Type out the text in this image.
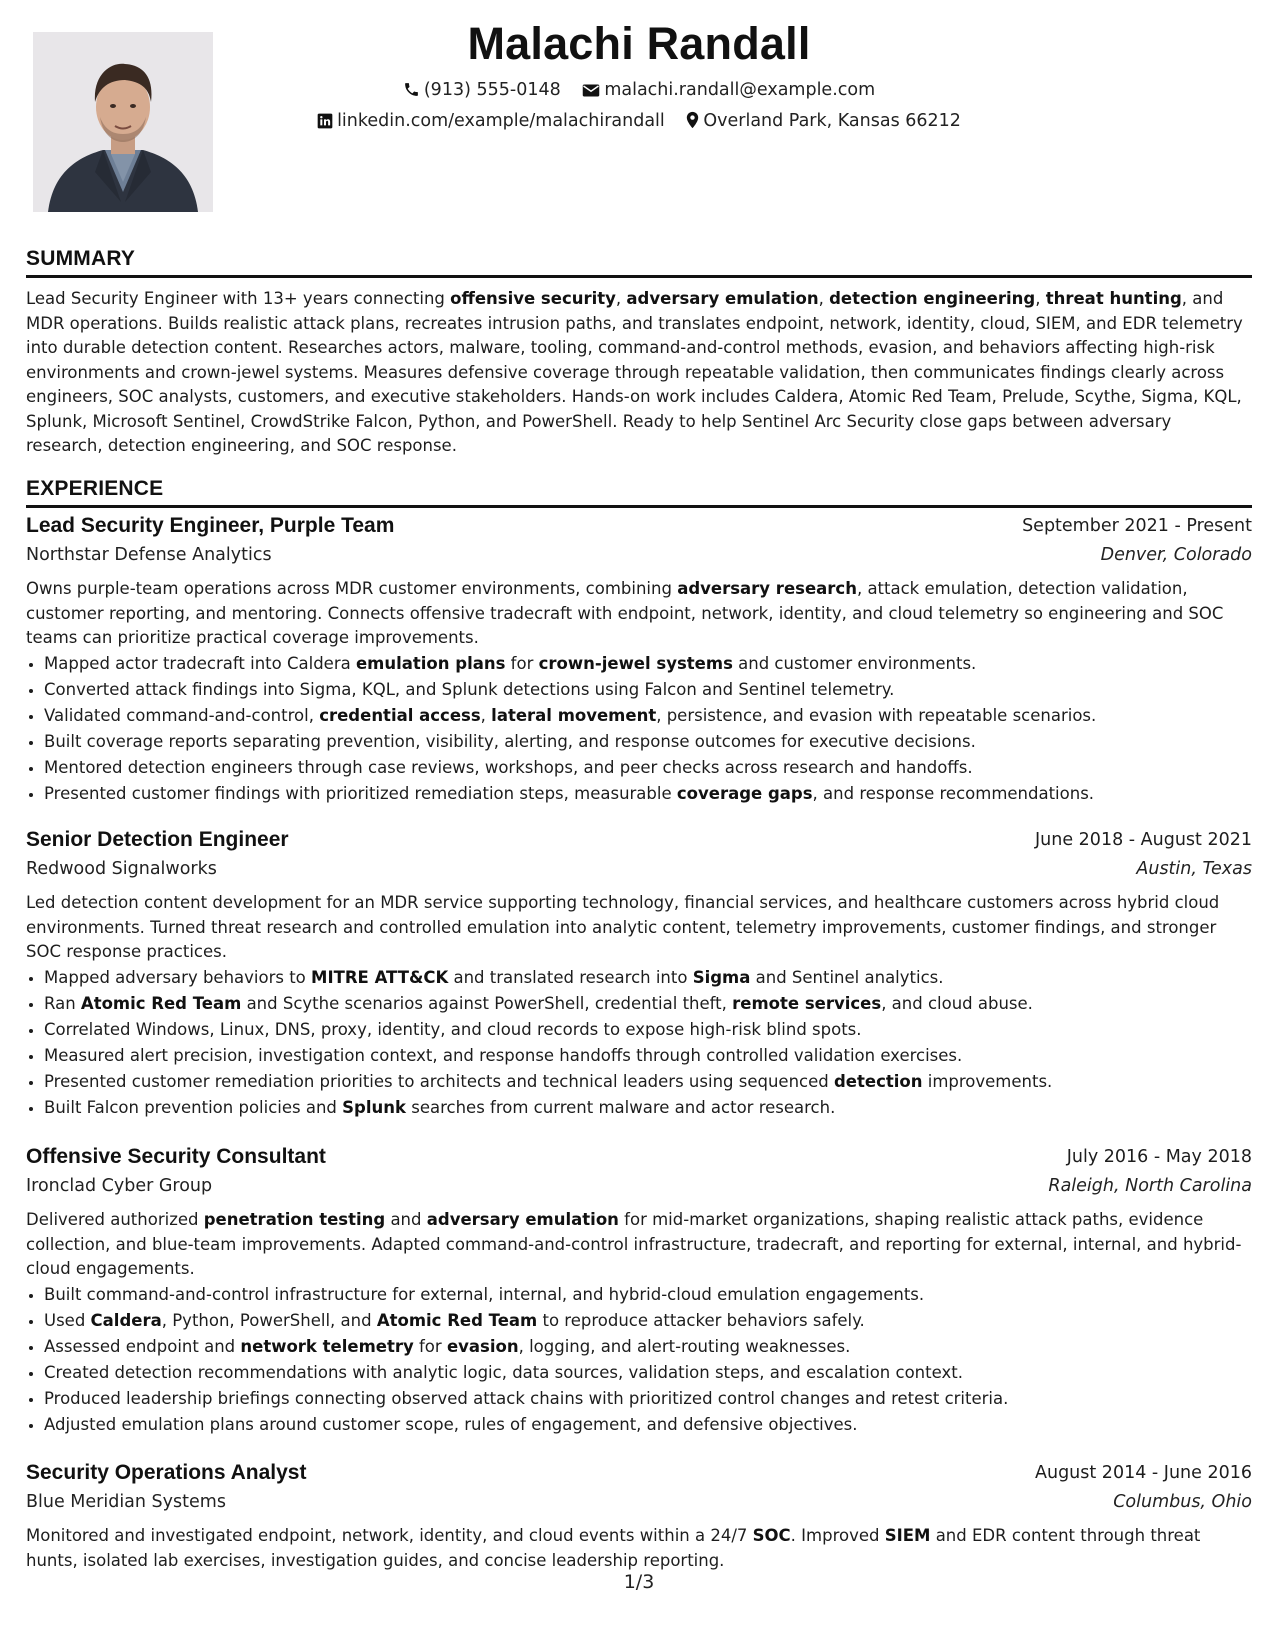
Malachi Randall
(913) 555-0148 malachi.randall@example.com
linkedin.com/example/malachirandall Overland Park, Kansas 66212
SUMMARY

Lead Security Engineer with 13+ years connecting offensive security, adversary emulation, detection engineering, threat hunting, and MDR operations. Builds realistic attack plans, recreates intrusion paths, and translates endpoint, network, identity, cloud, SIEM, and EDR telemetry into durable detection content. Researches actors, malware, tooling, command-and-control methods, evasion, and behaviors affecting high-risk environments and crown-jewel systems. Measures defensive coverage through repeatable validation, then communicates findings clearly across engineers, SOC analysts, customers, and executive stakeholders. Hands-on work includes Caldera, Atomic Red Team, Prelude, Scythe, Sigma, KQL, Splunk, Microsoft Sentinel, CrowdStrike Falcon, Python, and PowerShell. Ready to help Sentinel Arc Security close gaps between adversary research, detection engineering, and SOC response.

EXPERIENCE
Lead Security Engineer, Purple Team	September 2021 - Present
Northstar Defense Analytics	Denver, Colorado

Owns purple-team operations across MDR customer environments, combining adversary research, attack emulation, detection validation, customer reporting, and mentoring. Connects offensive tradecraft with endpoint, network, identity, and cloud telemetry so engineering and SOC teams can prioritize practical coverage improvements.

• Mapped actor tradecraft into Caldera emulation plans for crown-jewel systems and customer environments.
• Converted attack findings into Sigma, KQL, and Splunk detections using Falcon and Sentinel telemetry.
• Validated command-and-control, credential access, lateral movement, persistence, and evasion with repeatable scenarios.
• Built coverage reports separating prevention, visibility, alerting, and response outcomes for executive decisions.
• Mentored detection engineers through case reviews, workshops, and peer checks across research and handoffs.
• Presented customer findings with prioritized remediation steps, measurable coverage gaps, and response recommendations.
Senior Detection Engineer	June 2018 - August 2021
Redwood Signalworks	Austin, Texas

Led detection content development for an MDR service supporting technology, financial services, and healthcare customers across hybrid cloud environments. Turned threat research and controlled emulation into analytic content, telemetry improvements, customer findings, and stronger SOC response practices.

• Mapped adversary behaviors to MITRE ATT&CK and translated research into Sigma and Sentinel analytics.
• Ran Atomic Red Team and Scythe scenarios against PowerShell, credential theft, remote services, and cloud abuse.
• Correlated Windows, Linux, DNS, proxy, identity, and cloud records to expose high-risk blind spots.
• Measured alert precision, investigation context, and response handoffs through controlled validation exercises.
• Presented customer remediation priorities to architects and technical leaders using sequenced detection improvements.
• Built Falcon prevention policies and Splunk searches from current malware and actor research.
Offensive Security Consultant	July 2016 - May 2018
Ironclad Cyber Group	Raleigh, North Carolina

Delivered authorized penetration testing and adversary emulation for mid-market organizations, shaping realistic attack paths, evidence collection, and blue-team improvements. Adapted command-and-control infrastructure, tradecraft, and reporting for external, internal, and hybrid-cloud engagements.

• Built command-and-control infrastructure for external, internal, and hybrid-cloud emulation engagements.
• Used Caldera, Python, PowerShell, and Atomic Red Team to reproduce attacker behaviors safely.
• Assessed endpoint and network telemetry for evasion, logging, and alert-routing weaknesses.
• Created detection recommendations with analytic logic, data sources, validation steps, and escalation context.
• Produced leadership briefings connecting observed attack chains with prioritized control changes and retest criteria.
• Adjusted emulation plans around customer scope, rules of engagement, and defensive objectives.
Security Operations Analyst	August 2014 - June 2016
Blue Meridian Systems	Columbus, Ohio

Monitored and investigated endpoint, network, identity, and cloud events within a 24/7 SOC. Improved SIEM and EDR content through threat hunts, isolated lab exercises, investigation guides, and concise leadership reporting.

1/3
